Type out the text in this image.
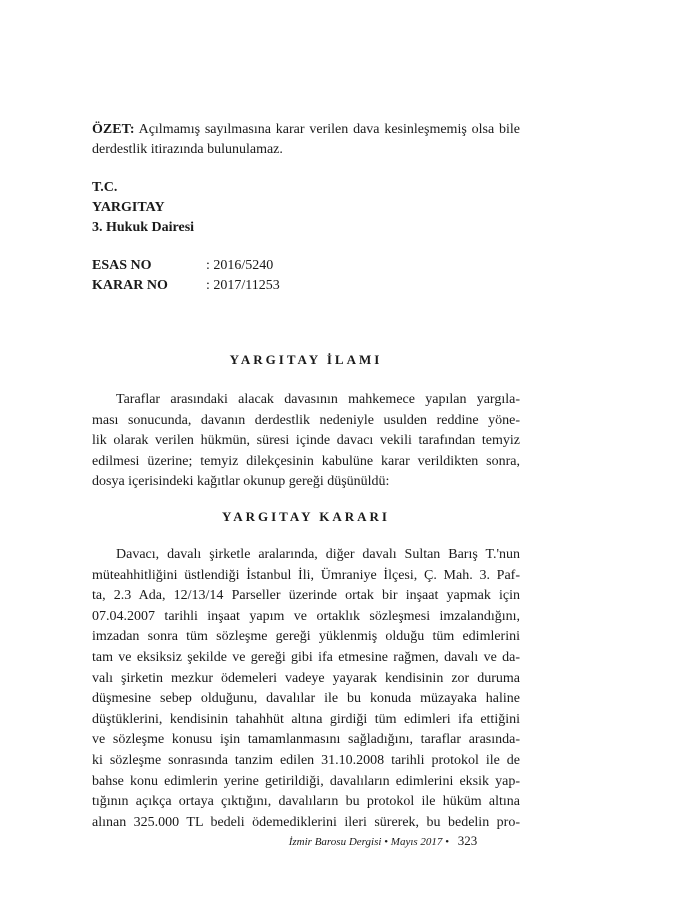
ÖZET: Açılmamış sayılmasına karar verilen dava kesinleşmemiş olsa bile derdestlik itirazında bulunulamaz.
T.C.
YARGITAY
3. Hukuk Dairesi
ESAS NO	: 2016/5240
KARAR NO	: 2017/11253
YARGITAY İLAMI
Taraflar arasındaki alacak davasının mahkemece yapılan yargıla-
ması sonucunda, davanın derdestlik nedeniyle usulden reddine yöne-
lik olarak verilen hükmün, süresi içinde davacı vekili tarafından temyiz
edilmesi üzerine; temyiz dilekçesinin kabulüne karar verildikten sonra,
dosya içerisindeki kağıtlar okunup gereği düşünüldü:
YARGITAY KARARI
Davacı, davalı şirketle aralarında, diğer davalı Sultan Barış T.'nun
müteahhitliğini üstlendiği İstanbul İli, Ümraniye İlçesi, Ç. Mah. 3. Paf-
ta, 2.3 Ada, 12/13/14 Parseller üzerinde ortak bir inşaat yapmak için
07.04.2007 tarihli inşaat yapım ve ortaklık sözleşmesi imzalandığını,
imzadan sonra tüm sözleşme gereği yüklenmiş olduğu tüm edimlerini
tam ve eksiksiz şekilde ve gereği gibi ifa etmesine rağmen, davalı ve da-
valı şirketin mezkur ödemeleri vadeye yayarak kendisinin zor duruma
düşmesine sebep olduğunu, davalılar ile bu konuda müzayaka haline
düştüklerini, kendisinin tahahhüt altına girdiği tüm edimleri ifa ettiğini
ve sözleşme konusu işin tamamlanmasını sağladığını, taraflar arasında-
ki sözleşme sonrasında tanzim edilen 31.10.2008 tarihli protokol ile de
bahse konu edimlerin yerine getirildiği, davalıların edimlerini eksik yap-
tığının açıkça ortaya çıktığını, davalıların bu protokol ile hüküm altına
alınan 325.000 TL bedeli ödemediklerini ileri sürerek, bu bedelin pro-
İzmir Barosu Dergisi • Mayıs 2017 • 323
